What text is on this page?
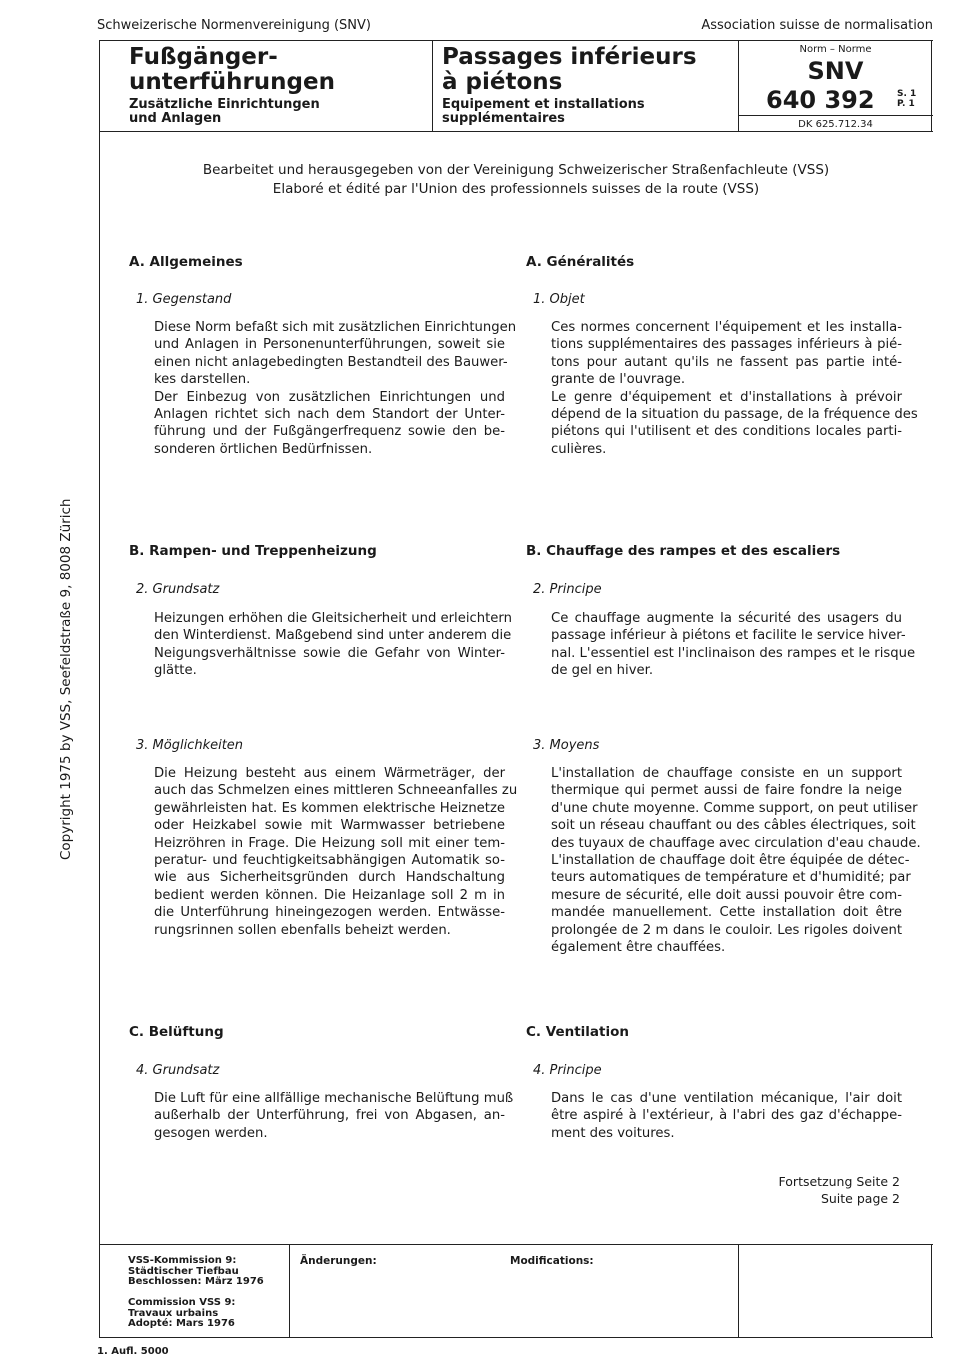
Schweizerische Normenvereinigung (SNV)	Association suisse de normalisation
Fußgänger-
unterführungen
Zusätzliche Einrichtungen
und Anlagen
Passages inférieurs
à piétons
Equipement et installations
supplémentaires
Norm – Norme
SNV
640 392 S. 1
P. 1
DK 625.712.34
Bearbeitet und herausgegeben von der Vereinigung Schweizerischer Straßenfachleute (VSS)
Elaboré et édité par l'Union des professionnels suisses de la route (VSS)
Copyright 1975 by VSS, Seefeldstraße 9, 8008 Zürich
A. Allgemeines
1. Gegenstand
Diese Norm befaßt sich mit zusätzlichen Einrichtungen
und Anlagen in Personenunterführungen, soweit sie
einen nicht anlagebedingten Bestandteil des Bauwer-
kes darstellen.
Der Einbezug von zusätzlichen Einrichtungen und
Anlagen richtet sich nach dem Standort der Unter-
führung und der Fußgängerfrequenz sowie den be-
sonderen örtlichen Bedürfnissen.
B. Rampen- und Treppenheizung
2. Grundsatz
Heizungen erhöhen die Gleitsicherheit und erleichtern
den Winterdienst. Maßgebend sind unter anderem die
Neigungsverhältnisse sowie die Gefahr von Winter-
glätte.
3. Möglichkeiten
Die Heizung besteht aus einem Wärmeträger, der
auch das Schmelzen eines mittleren Schneeanfalles zu
gewährleisten hat. Es kommen elektrische Heiznetze
oder Heizkabel sowie mit Warmwasser betriebene
Heizröhren in Frage. Die Heizung soll mit einer tem-
peratur- und feuchtigkeitsabhängigen Automatik so-
wie aus Sicherheitsgründen durch Handschaltung
bedient werden können. Die Heizanlage soll 2 m in
die Unterführung hineingezogen werden. Entwässe-
rungsrinnen sollen ebenfalls beheizt werden.
C. Belüftung
4. Grundsatz
Die Luft für eine allfällige mechanische Belüftung muß
außerhalb der Unterführung, frei von Abgasen, an-
gesogen werden.
A. Généralités
1. Objet
Ces normes concernent l'équipement et les installa-
tions supplémentaires des passages inférieurs à pié-
tons pour autant qu'ils ne fassent pas partie inté-
grante de l'ouvrage.
Le genre d'équipement et d'installations à prévoir
dépend de la situation du passage, de la fréquence des
piétons qui l'utilisent et des conditions locales parti-
culières.
B. Chauffage des rampes et des escaliers
2. Principe
Ce chauffage augmente la sécurité des usagers du
passage inférieur à piétons et facilite le service hiver-
nal. L'essentiel est l'inclinaison des rampes et le risque
de gel en hiver.
3. Moyens
L'installation de chauffage consiste en un support
thermique qui permet aussi de faire fondre la neige
d'une chute moyenne. Comme support, on peut utiliser
soit un réseau chauffant ou des câbles électriques, soit
des tuyaux de chauffage avec circulation d'eau chaude.
L'installation de chauffage doit être équipée de détec-
teurs automatiques de température et d'humidité; par
mesure de sécurité, elle doit aussi pouvoir être com-
mandée manuellement. Cette installation doit être
prolongée de 2 m dans le couloir. Les rigoles doivent
également être chauffées.
C. Ventilation
4. Principe
Dans le cas d'une ventilation mécanique, l'air doit
être aspiré à l'extérieur, à l'abri des gaz d'échappe-
ment des voitures.
Fortsetzung Seite 2
Suite page 2
VSS-Kommission 9:
Städtischer Tiefbau
Beschlossen: März 1976
Commission VSS 9:
Travaux urbains
Adopté: Mars 1976
Änderungen:	Modifications:
1. Aufl. 5000
